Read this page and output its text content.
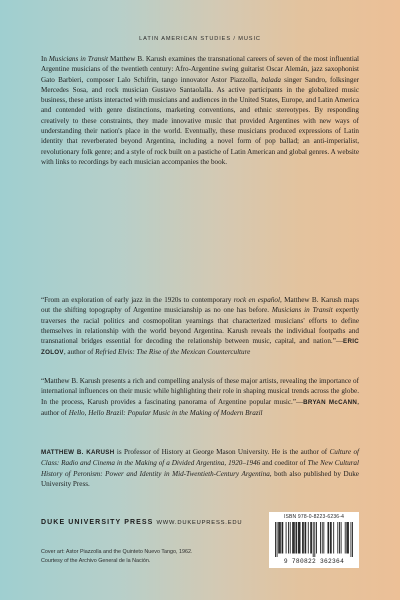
LATIN AMERICAN STUDIES / MUSIC

In Musicians in Transit Matthew B. Karush examines the transnational careers of seven of the most influential Argentine musicians of the twentieth century: Afro-Argentine swing guitarist Oscar Alemán, jazz saxophonist Gato Barbieri, composer Lalo Schifrin, tango innovator Astor Piazzolla, balada singer Sandro, folksinger Mercedes Sosa, and rock musician Gustavo Santaolalla. As active participants in the globalized music business, these artists interacted with musicians and audiences in the United States, Europe, and Latin America and contended with genre distinctions, marketing conventions, and ethnic stereotypes. By responding creatively to these constraints, they made innovative music that provided Argentines with new ways of understanding their nation's place in the world. Eventually, these musicians produced expressions of Latin identity that reverberated beyond Argentina, including a novel form of pop ballad; an anti-imperialist, revolutionary folk genre; and a style of rock built on a pastiche of Latin American and global genres. A website with links to recordings by each musician accompanies the book.

“From an exploration of early jazz in the 1920s to contemporary rock en español, Matthew B. Karush maps out the shifting topography of Argentine musicianship as no one has before. Musicians in Transit expertly traverses the racial politics and cosmopolitan yearnings that characterized musicians' efforts to define themselves in relationship with the world beyond Argentina. Karush reveals the individual footpaths and transnational bridges essential for decoding the relationship between music, capital, and nation.”—ERIC ZOLOV, author of Refried Elvis: The Rise of the Mexican Counterculture

“Matthew B. Karush presents a rich and compelling analysis of these major artists, revealing the importance of international influences on their music while highlighting their role in shaping musical trends across the globe. In the process, Karush provides a fascinating panorama of Argentine popular music.”—BRYAN McCANN, author of Hello, Hello Brazil: Popular Music in the Making of Modern Brazil

MATTHEW B. KARUSH is Professor of History at George Mason University. He is the author of Culture of Class: Radio and Cinema in the Making of a Divided Argentina, 1920–1946 and coeditor of The New Cultural History of Peronism: Power and Identity in Mid-Twentieth-Century Argentina, both also published by Duke University Press.

DUKE UNIVERSITY PRESS WWW.DUKEUPRESS.EDU
Cover art: Astor Piazzolla and the Quinteto Nuevo Tango, 1962.
Courtesy of the Archivo General de la Nación.
ISBN 978-0-8223-6236-4
9 780822 362364
